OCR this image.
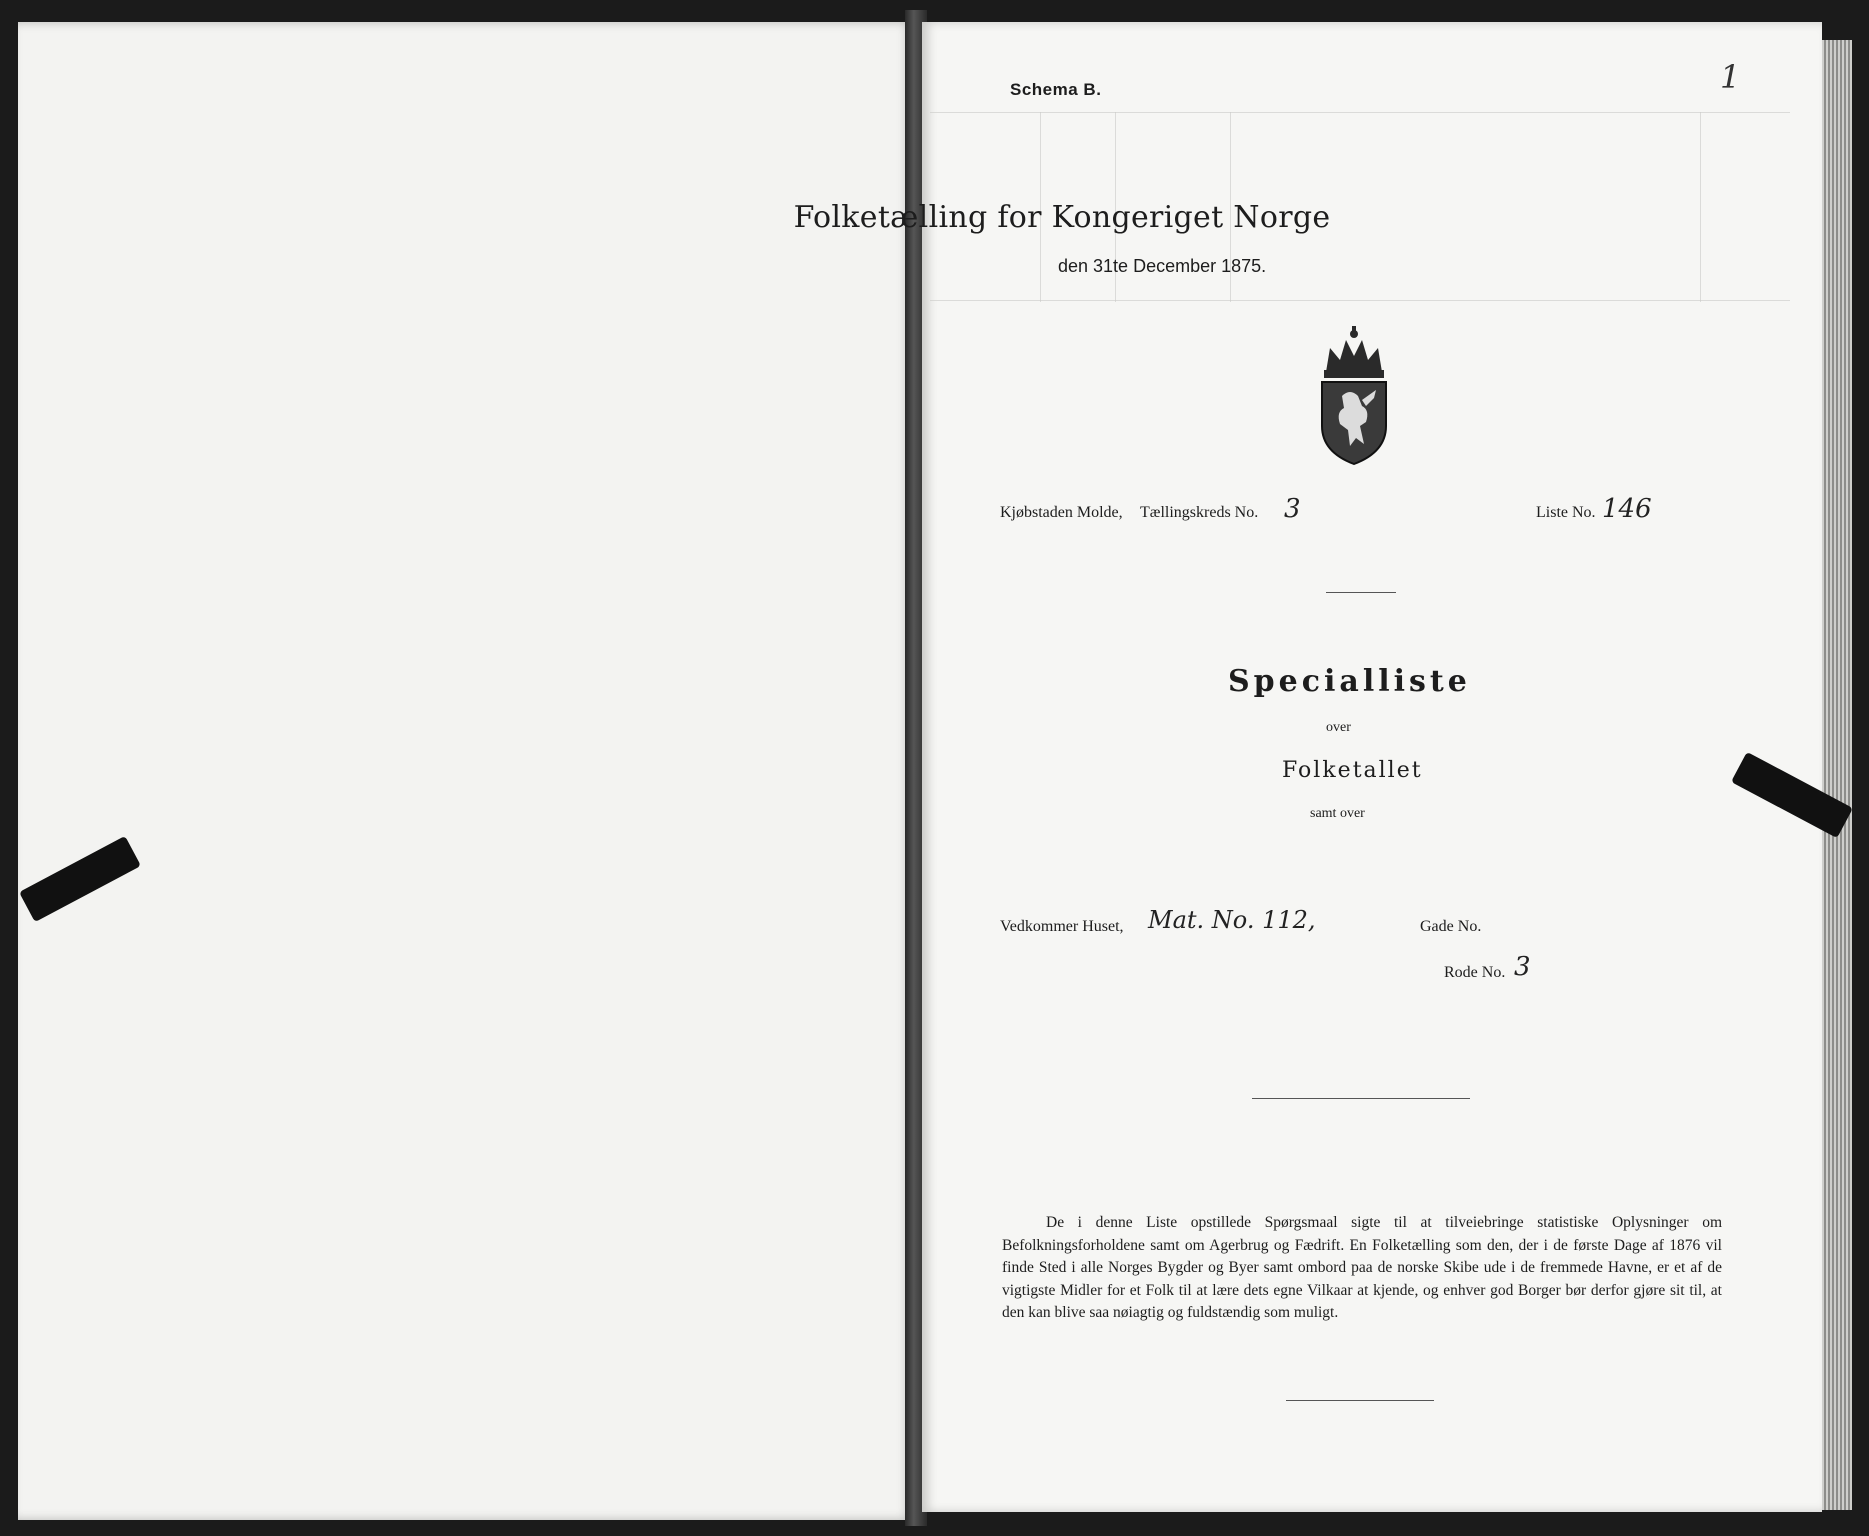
Schema B.	1
Folketælling for Kongeriget Norge
den 31te December 1875.
Kjøbstaden Molde, Tællingskreds No. 3	Liste No. 146
Specialliste
over
Folketallet
samt over
Vedkommer Huset, Mat. No. 112,	Gade No.
Rode No. 3
De i denne Liste opstillede Spørgsmaal sigte til at tilveiebringe statistiske Oplysninger om Befolkningsforholdene samt om Agerbrug og Fædrift. En Folketælling som den, der i de første Dage af 1876 vil finde Sted i alle Norges Bygder og Byer samt ombord paa de norske Skibe ude i de fremmede Havne, er et af de vigtigste Midler for et Folk til at lære dets egne Vilkaar at kjende, og enhver god Borger bør derfor gjøre sit til, at den kan blive saa nøiagtig og fuldstændig som muligt.
